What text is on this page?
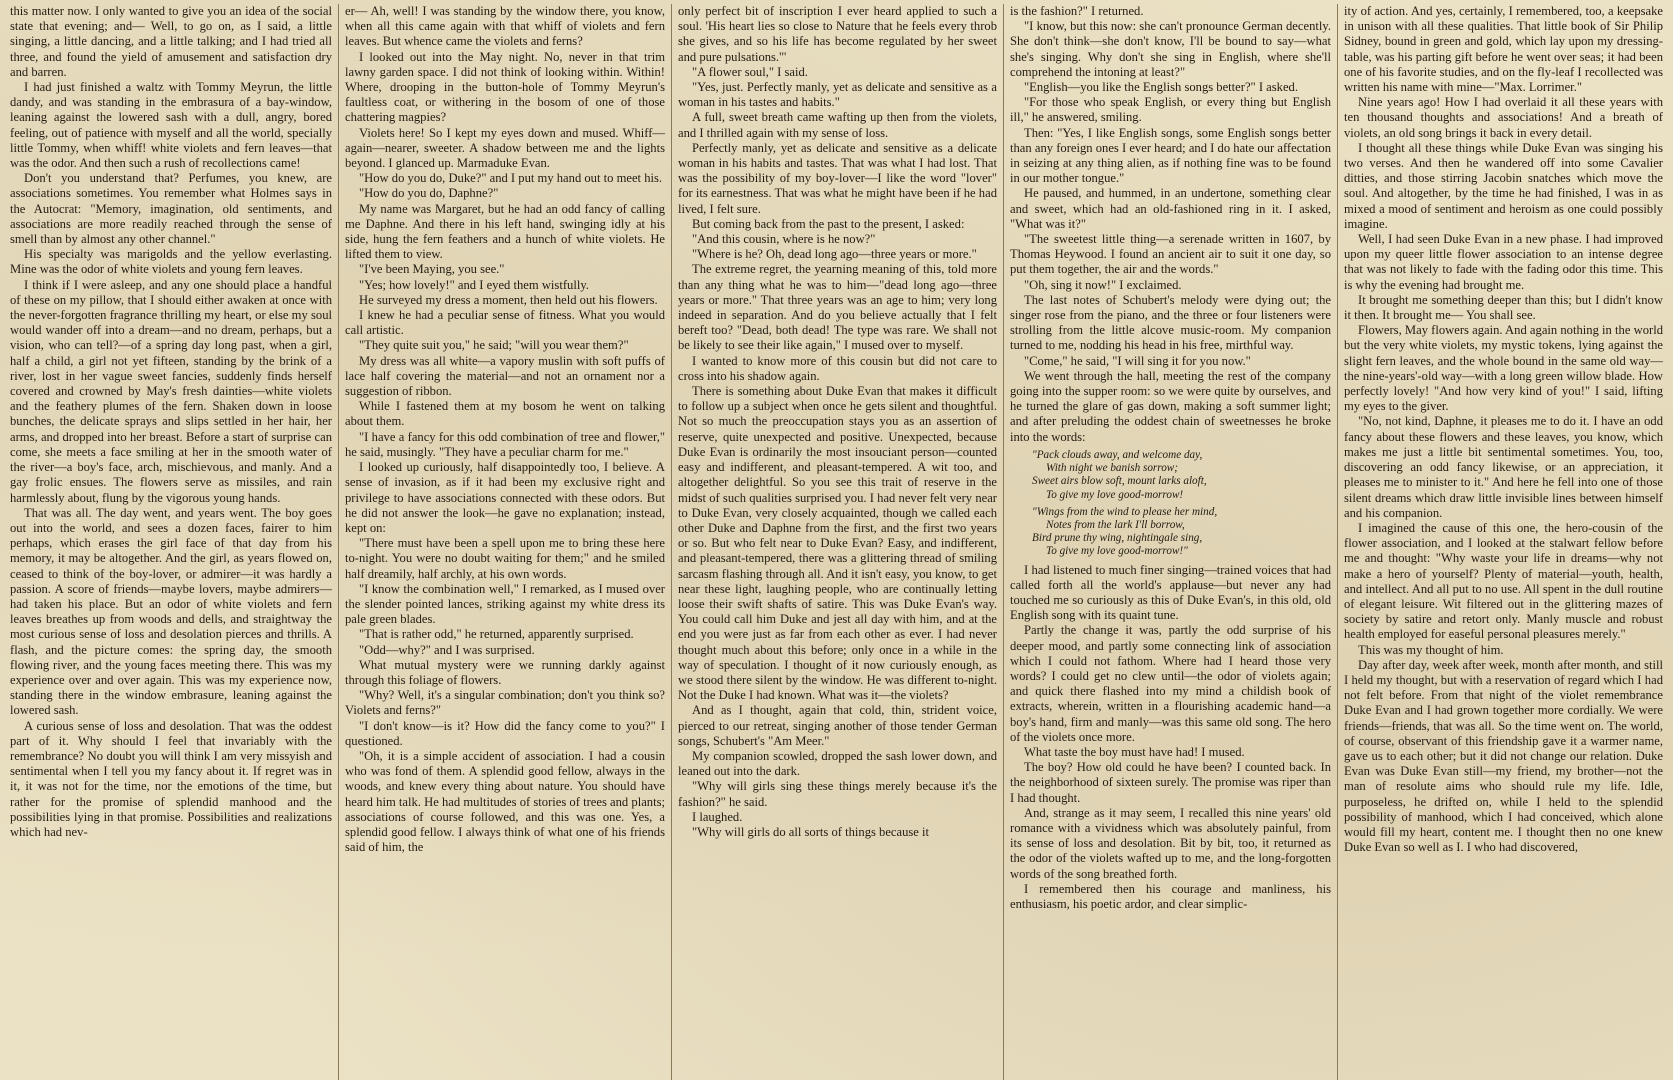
this matter now. I only wanted to give you an idea of the social state that evening; and— Well, to go on, as I said, a little singing, a little dancing, and a little talking; and I had tried all three, and found the yield of amusement and satisfaction dry and barren.

I had just finished a waltz with Tommy Meyrun, the little dandy, and was standing in the embrasura of a bay-window, leaning against the lowered sash with a dull, angry, bored feeling, out of patience with myself and all the world, specially little Tommy, when whiff! white violets and fern leaves—that was the odor. And then such a rush of recollections came!

Don't you understand that? Perfumes, you knew, are associations sometimes. You remember what Holmes says in the Autocrat: "Memory, imagination, old sentiments, and associations are more readily reached through the sense of smell than by almost any other channel."

His specialty was marigolds and the yellow everlasting. Mine was the odor of white violets and young fern leaves.

I think if I were asleep, and any one should place a handful of these on my pillow, that I should either awaken at once with the never-forgotten fragrance thrilling my heart, or else my soul would wander off into a dream—and no dream, perhaps, but a vision, who can tell?—of a spring day long past, when a girl, half a child, a girl not yet fifteen, standing by the brink of a river, lost in her vague sweet fancies, suddenly finds herself covered and crowned by May's fresh dainties—white violets and the feathery plumes of the fern. Shaken down in loose bunches, the delicate sprays and slips settled in her hair, her arms, and dropped into her breast. Before a start of surprise can come, she meets a face smiling at her in the smooth water of the river—a boy's face, arch, mischievous, and manly. And a gay frolic ensues. The flowers serve as missiles, and rain harmlessly about, flung by the vigorous young hands.

That was all. The day went, and years went. The boy goes out into the world, and sees a dozen faces, fairer to him perhaps, which erases the girl face of that day from his memory, it may be altogether. And the girl, as years flowed on, ceased to think of the boy-lover, or admirer—it was hardly a passion. A score of friends—maybe lovers, maybe admirers—had taken his place. But an odor of white violets and fern leaves breathes up from woods and dells, and straightway the most curious sense of loss and desolation pierces and thrills. A flash, and the picture comes: the spring day, the smooth flowing river, and the young faces meeting there. This was my experience over and over again. This was my experience now, standing there in the window embrasure, leaning against the lowered sash.

A curious sense of loss and desolation. That was the oddest part of it. Why should I feel that invariably with the remembrance? No doubt you will think I am very missyish and sentimental when I tell you my fancy about it. If regret was in it, it was not for the time, nor the emotions of the time, but rather for the promise of splendid manhood and the possibilities lying in that promise. Possibilities and realizations which had nev-

er— Ah, well! I was standing by the window there, you know, when all this came again with that whiff of violets and fern leaves. But whence came the violets and ferns?

I looked out into the May night. No, never in that trim lawny garden space. I did not think of looking within. Within! Where, drooping in the button-hole of Tommy Meyrun's faultless coat, or withering in the bosom of one of those chattering magpies?

Violets here! So I kept my eyes down and mused. Whiff—again—nearer, sweeter. A shadow between me and the lights beyond. I glanced up. Marmaduke Evan.

"How do you do, Duke?" and I put my hand out to meet his.

"How do you do, Daphne?"

My name was Margaret, but he had an odd fancy of calling me Daphne. And there in his left hand, swinging idly at his side, hung the fern feathers and a hunch of white violets. He lifted them to view.

"I've been Maying, you see."

"Yes; how lovely!" and I eyed them wistfully.

He surveyed my dress a moment, then held out his flowers.

I knew he had a peculiar sense of fitness. What you would call artistic.

"They quite suit you," he said; "will you wear them?"

My dress was all white—a vapory muslin with soft puffs of lace half covering the material—and not an ornament nor a suggestion of ribbon.

While I fastened them at my bosom he went on talking about them.

"I have a fancy for this odd combination of tree and flower," he said, musingly. "They have a peculiar charm for me."

I looked up curiously, half disappointedly too, I believe. A sense of invasion, as if it had been my exclusive right and privilege to have associations connected with these odors. But he did not answer the look—he gave no explanation; instead, kept on:

"There must have been a spell upon me to bring these here to-night. You were no doubt waiting for them;" and he smiled half dreamily, half archly, at his own words.

"I know the combination well," I remarked, as I mused over the slender pointed lances, striking against my white dress its pale green blades.

"That is rather odd," he returned, apparently surprised.

"Odd—why?" and I was surprised.

What mutual mystery were we running darkly against through this foliage of flowers.

"Why? Well, it's a singular combination; don't you think so? Violets and ferns?"

"I don't know—is it? How did the fancy come to you?" I questioned.

"Oh, it is a simple accident of association. I had a cousin who was fond of them. A splendid good fellow, always in the woods, and knew every thing about nature. You should have heard him talk. He had multitudes of stories of trees and plants; associations of course followed, and this was one. Yes, a splendid good fellow. I always think of what one of his friends said of him, the

only perfect bit of inscription I ever heard applied to such a soul. 'His heart lies so close to Nature that he feels every throb she gives, and so his life has become regulated by her sweet and pure pulsations.'"

"A flower soul," I said.

"Yes, just. Perfectly manly, yet as delicate and sensitive as a woman in his tastes and habits."

A full, sweet breath came wafting up then from the violets, and I thrilled again with my sense of loss.

Perfectly manly, yet as delicate and sensitive as a delicate woman in his habits and tastes. That was what I had lost. That was the possibility of my boy-lover—I like the word "lover" for its earnestness. That was what he might have been if he had lived, I felt sure.

But coming back from the past to the present, I asked:

"And this cousin, where is he now?"

"Where is he? Oh, dead long ago—three years or more."

The extreme regret, the yearning meaning of this, told more than any thing what he was to him—"dead long ago—three years or more." That three years was an age to him; very long indeed in separation. And do you believe actually that I felt bereft too? "Dead, both dead! The type was rare. We shall not be likely to see their like again," I mused over to myself.

I wanted to know more of this cousin but did not care to cross into his shadow again.

There is something about Duke Evan that makes it difficult to follow up a subject when once he gets silent and thoughtful. Not so much the preoccupation stays you as an assertion of reserve, quite unexpected and positive. Unexpected, because Duke Evan is ordinarily the most insouciant person—counted easy and indifferent, and pleasant-tempered. A wit too, and altogether delightful. So you see this trait of reserve in the midst of such qualities surprised you. I had never felt very near to Duke Evan, very closely acquainted, though we called each other Duke and Daphne from the first, and the first two years or so. But who felt near to Duke Evan? Easy, and indifferent, and pleasant-tempered, there was a glittering thread of smiling sarcasm flashing through all. And it isn't easy, you know, to get near these light, laughing people, who are continually letting loose their swift shafts of satire. This was Duke Evan's way. You could call him Duke and jest all day with him, and at the end you were just as far from each other as ever. I had never thought much about this before; only once in a while in the way of speculation. I thought of it now curiously enough, as we stood there silent by the window. He was different to-night. Not the Duke I had known. What was it—the violets?

And as I thought, again that cold, thin, strident voice, pierced to our retreat, singing another of those tender German songs, Schubert's "Am Meer."

My companion scowled, dropped the sash lower down, and leaned out into the dark.

"Why will girls sing these things merely because it's the fashion?" he said.

I laughed.

"Why will girls do all sorts of things because it

is the fashion?" I returned.

"I know, but this now: she can't pronounce German decently. She don't think—she don't know, I'll be bound to say—what she's singing. Why don't she sing in English, where she'll comprehend the intoning at least?"

"English—you like the English songs better?" I asked.

"For those who speak English, or every thing but English ill," he answered, smiling.

Then: "Yes, I like English songs, some English songs better than any foreign ones I ever heard; and I do hate our affectation in seizing at any thing alien, as if nothing fine was to be found in our mother tongue."

He paused, and hummed, in an undertone, something clear and sweet, which had an old-fashioned ring in it. I asked, "What was it?"

"The sweetest little thing—a serenade written in 1607, by Thomas Heywood. I found an ancient air to suit it one day, so put them together, the air and the words."

"Oh, sing it now!" I exclaimed.

The last notes of Schubert's melody were dying out; the singer rose from the piano, and the three or four listeners were strolling from the little alcove music-room. My companion turned to me, nodding his head in his free, mirthful way.

"Come," he said, "I will sing it for you now."

We went through the hall, meeting the rest of the company going into the supper room: so we were quite by ourselves, and he turned the glare of gas down, making a soft summer light; and after preluding the oddest chain of sweetnesses he broke into the words:

"Pack clouds away, and welcome day,

With night we banish sorrow;

Sweet airs blow soft, mount larks aloft,

To give my love good-morrow!

"Wings from the wind to please her mind,

Notes from the lark I'll borrow,

Bird prune thy wing, nightingale sing,

To give my love good-morrow!"

I had listened to much finer singing—trained voices that had called forth all the world's applause—but never any had touched me so curiously as this of Duke Evan's, in this old, old English song with its quaint tune.

Partly the change it was, partly the odd surprise of his deeper mood, and partly some connecting link of association which I could not fathom. Where had I heard those very words? I could get no clew until—the odor of violets again; and quick there flashed into my mind a childish book of extracts, wherein, written in a flourishing academic hand—a boy's hand, firm and manly—was this same old song. The hero of the violets once more.

What taste the boy must have had! I mused.

The boy? How old could he have been? I counted back. In the neighborhood of sixteen surely. The promise was riper than I had thought.

And, strange as it may seem, I recalled this nine years' old romance with a vividness which was absolutely painful, from its sense of loss and desolation. Bit by bit, too, it returned as the odor of the violets wafted up to me, and the long-forgotten words of the song breathed forth.

I remembered then his courage and manliness, his enthusiasm, his poetic ardor, and clear simplic-

ity of action. And yes, certainly, I remembered, too, a keepsake in unison with all these qualities. That little book of Sir Philip Sidney, bound in green and gold, which lay upon my dressing-table, was his parting gift before he went over seas; it had been one of his favorite studies, and on the fly-leaf I recollected was written his name with mine—"Max. Lorrimer."

Nine years ago! How I had overlaid it all these years with ten thousand thoughts and associations! And a breath of violets, an old song brings it back in every detail.

I thought all these things while Duke Evan was singing his two verses. And then he wandered off into some Cavalier ditties, and those stirring Jacobin snatches which move the soul. And altogether, by the time he had finished, I was in as mixed a mood of sentiment and heroism as one could possibly imagine.

Well, I had seen Duke Evan in a new phase. I had improved upon my queer little flower association to an intense degree that was not likely to fade with the fading odor this time. This is why the evening had brought me.

It brought me something deeper than this; but I didn't know it then. It brought me— You shall see.

Flowers, May flowers again. And again nothing in the world but the very white violets, my mystic tokens, lying against the slight fern leaves, and the whole bound in the same old way—the nine-years'-old way—with a long green willow blade. How perfectly lovely! "And how very kind of you!" I said, lifting my eyes to the giver.

"No, not kind, Daphne, it pleases me to do it. I have an odd fancy about these flowers and these leaves, you know, which makes me just a little bit sentimental sometimes. You, too, discovering an odd fancy likewise, or an appreciation, it pleases me to minister to it." And here he fell into one of those silent dreams which draw little invisible lines between himself and his companion.

I imagined the cause of this one, the hero-cousin of the flower association, and I looked at the stalwart fellow before me and thought: "Why waste your life in dreams—why not make a hero of yourself? Plenty of material—youth, health, and intellect. And all put to no use. All spent in the dull routine of elegant leisure. Wit filtered out in the glittering mazes of society by satire and retort only. Manly muscle and robust health employed for easeful personal pleasures merely."

This was my thought of him.

Day after day, week after week, month after month, and still I held my thought, but with a reservation of regard which I had not felt before. From that night of the violet remembrance Duke Evan and I had grown together more cordially. We were friends—friends, that was all. So the time went on. The world, of course, observant of this friendship gave it a warmer name, gave us to each other; but it did not change our relation. Duke Evan was Duke Evan still—my friend, my brother—not the man of resolute aims who should rule my life. Idle, purposeless, he drifted on, while I held to the splendid possibility of manhood, which I had conceived, which alone would fill my heart, content me. I thought then no one knew Duke Evan so well as I. I who had discovered,
